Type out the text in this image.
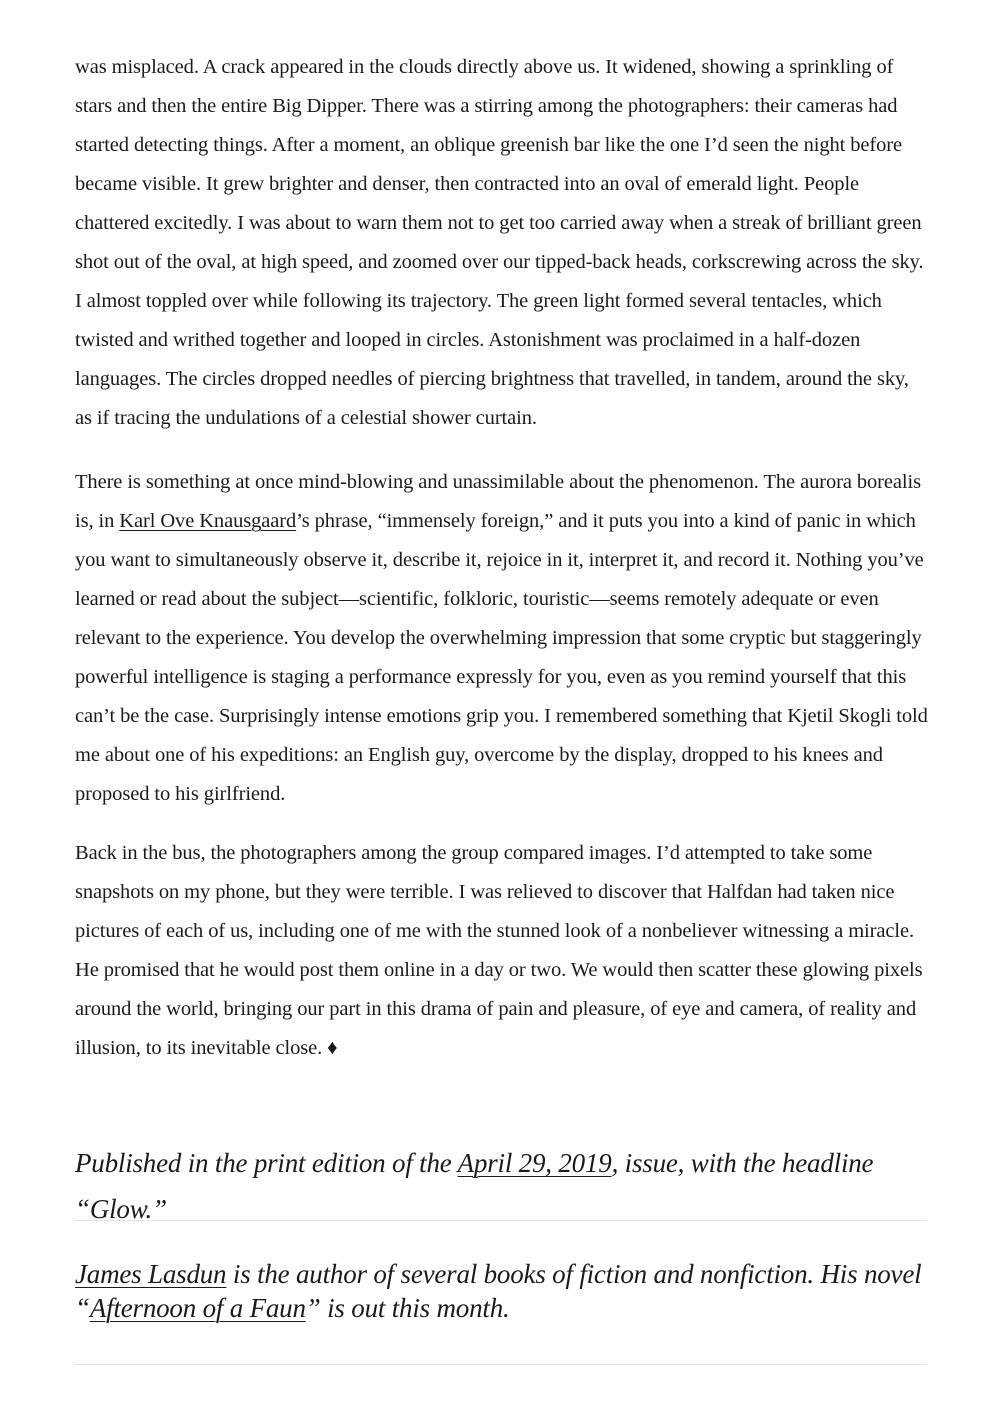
was misplaced. A crack appeared in the clouds directly above us. It widened, showing a sprinkling of stars and then the entire Big Dipper. There was a stirring among the photographers: their cameras had started detecting things. After a moment, an oblique greenish bar like the one I’d seen the night before became visible. It grew brighter and denser, then contracted into an oval of emerald light. People chattered excitedly. I was about to warn them not to get too carried away when a streak of brilliant green shot out of the oval, at high speed, and zoomed over our tipped-back heads, corkscrewing across the sky. I almost toppled over while following its trajectory. The green light formed several tentacles, which twisted and writhed together and looped in circles. Astonishment was proclaimed in a half-dozen languages. The circles dropped needles of piercing brightness that travelled, in tandem, around the sky, as if tracing the undulations of a celestial shower curtain.

There is something at once mind-blowing and unassimilable about the phenomenon. The aurora borealis is, in Karl Ove Knausgaard’s phrase, “immensely foreign,” and it puts you into a kind of panic in which you want to simultaneously observe it, describe it, rejoice in it, interpret it, and record it. Nothing you’ve learned or read about the subject—scientific, folkloric, touristic—seems remotely adequate or even relevant to the experience. You develop the overwhelming impression that some cryptic but staggeringly powerful intelligence is staging a performance expressly for you, even as you remind yourself that this can’t be the case. Surprisingly intense emotions grip you. I remembered something that Kjetil Skogli told me about one of his expeditions: an English guy, overcome by the display, dropped to his knees and proposed to his girlfriend.

Back in the bus, the photographers among the group compared images. I’d attempted to take some snapshots on my phone, but they were terrible. I was relieved to discover that Halfdan had taken nice pictures of each of us, including one of me with the stunned look of a nonbeliever witnessing a miracle. He promised that he would post them online in a day or two. We would then scatter these glowing pixels around the world, bringing our part in this drama of pain and pleasure, of eye and camera, of reality and illusion, to its inevitable close. ♦

Published in the print edition of the April 29, 2019, issue, with the headline “Glow.”

James Lasdun is the author of several books of fiction and nonfiction. His novel “Afternoon of a Faun” is out this month.
